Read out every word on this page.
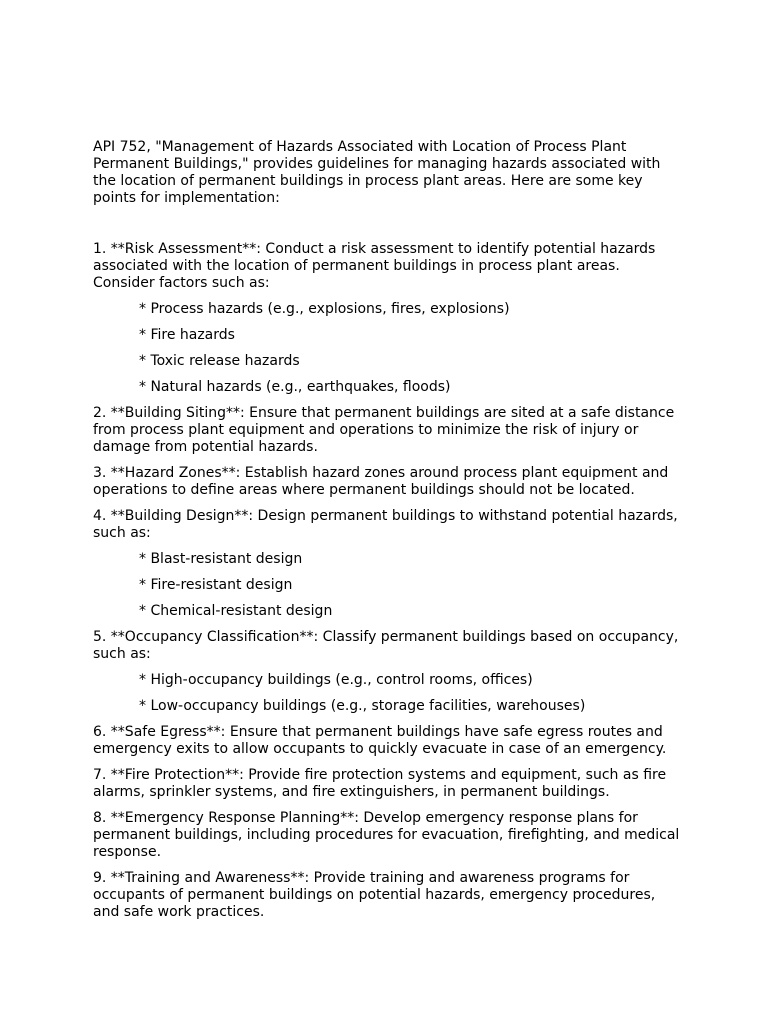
API 752, "Management of Hazards Associated with Location of Process Plant Permanent Buildings," provides guidelines for managing hazards associated with the location of permanent buildings in process plant areas. Here are some key points for implementation:

1. **Risk Assessment**: Conduct a risk assessment to identify potential hazards associated with the location of permanent buildings in process plant areas. Consider factors such as:

* Process hazards (e.g., explosions, fires, explosions)

* Fire hazards

* Toxic release hazards

* Natural hazards (e.g., earthquakes, floods)

2. **Building Siting**: Ensure that permanent buildings are sited at a safe distance from process plant equipment and operations to minimize the risk of injury or damage from potential hazards.

3. **Hazard Zones**: Establish hazard zones around process plant equipment and operations to define areas where permanent buildings should not be located.

4. **Building Design**: Design permanent buildings to withstand potential hazards, such as:

* Blast-resistant design

* Fire-resistant design

* Chemical-resistant design

5. **Occupancy Classification**: Classify permanent buildings based on occupancy, such as:

* High-occupancy buildings (e.g., control rooms, offices)

* Low-occupancy buildings (e.g., storage facilities, warehouses)

6. **Safe Egress**: Ensure that permanent buildings have safe egress routes and emergency exits to allow occupants to quickly evacuate in case of an emergency.

7. **Fire Protection**: Provide fire protection systems and equipment, such as fire alarms, sprinkler systems, and fire extinguishers, in permanent buildings.

8. **Emergency Response Planning**: Develop emergency response plans for permanent buildings, including procedures for evacuation, firefighting, and medical response.

9. **Training and Awareness**: Provide training and awareness programs for occupants of permanent buildings on potential hazards, emergency procedures, and safe work practices.
